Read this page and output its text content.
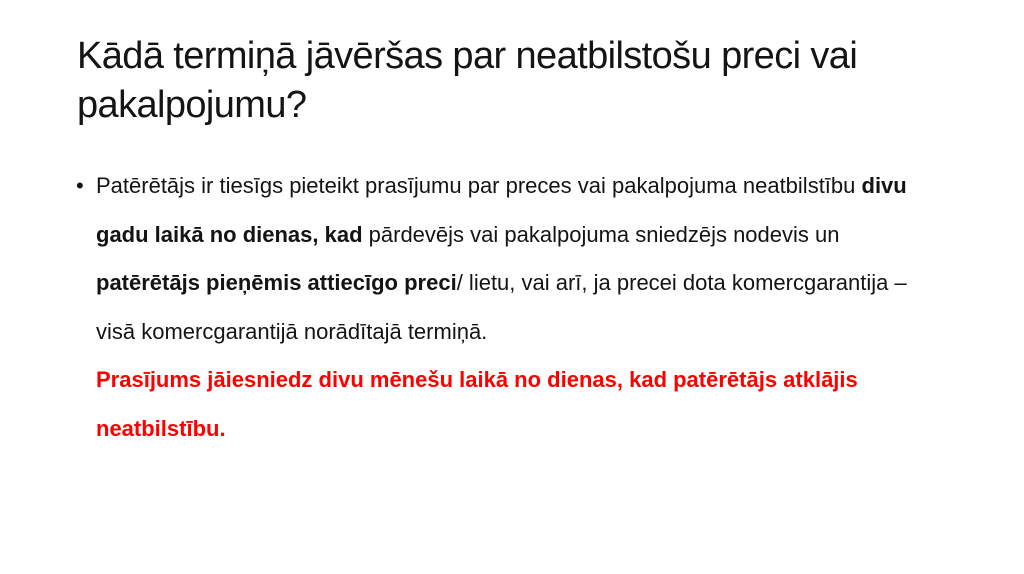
Kādā termiņā jāvēršas par neatbilstošu preci vai pakalpojumu?
• Patērētājs ir tiesīgs pieteikt prasījumu par preces vai pakalpojuma neatbilstību divu gadu laikā no dienas, kad pārdevējs vai pakalpojuma sniedzējs nodevis un patērētājs pieņēmis attiecīgo preci/ lietu, vai arī, ja precei dota komercgarantija – visā komercgarantijā norādītajā termiņā.

Prasījums jāiesniedz divu mēnešu laikā no dienas, kad patērētājs atklājis neatbilstību.
